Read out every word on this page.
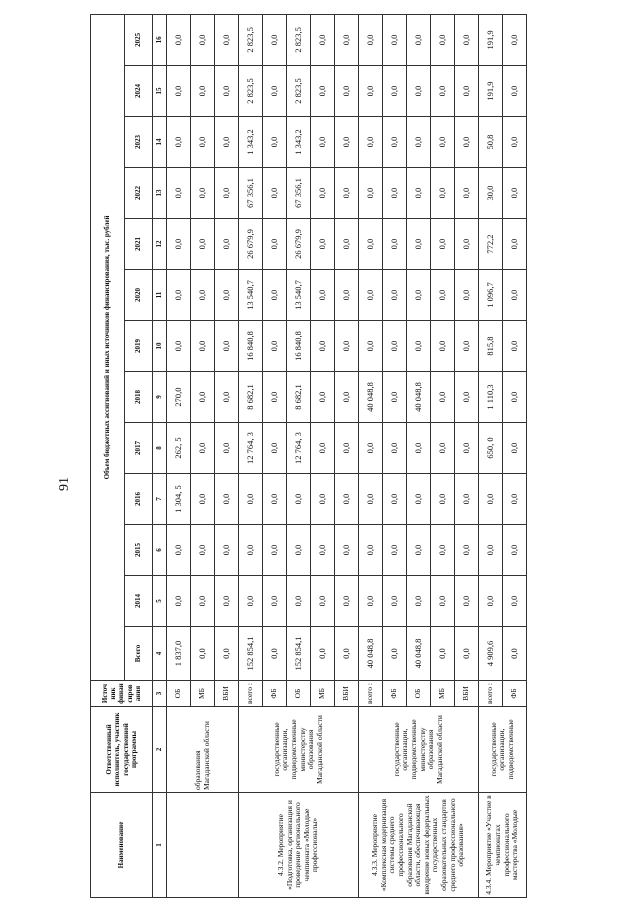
91
Наименование	Ответственный исполнитель, участник государственной программы	Источ ник финан сиров ания	Объем бюджетных ассигнований и иных источников финансирования, тыс. рублей												
			Всего	2014	2015	2016	2017	2018	2019	2020	2021	2022	2023	2024	2025
1	2	3	4	5	6	7	8	9	10	11	12	13	14	15	16
	образования Магаданской области	ОБ	1 837,0	0,0	0,0	1 304, 5	262, 5	270,0	0,0	0,0	0,0	0,0	0,0	0,0	0,0
		МБ	0,0	0,0	0,0	0,0	0,0	0,0	0,0	0,0	0,0	0,0	0,0	0,0	0,0
		ВБИ	0,0	0,0	0,0	0,0	0,0	0,0	0,0	0,0	0,0	0,0	0,0	0,0	0,0
4.3.2. Мероприятие «Подготовка, организация и проведение регионального чемпионата «Молодые профессионалы»	государственные организации, подведомственные министерству образования Магаданской области	всего :	152 854,1	0,0	0,0	0,0	12 764, 3	8 682,1	16 840,8	13 540,7	26 679,9	67 356,1	1 343,2	2 823,5	2 823,5
		ФБ	0,0	0,0	0,0	0,0	0,0	0,0	0,0	0,0	0,0	0,0	0,0	0,0	0,0
		ОБ	152 854,1	0,0	0,0	0,0	12 764, 3	8 682,1	16 840,8	13 540,7	26 679,9	67 356,1	1 343,2	2 823,5	2 823,5
		МБ	0,0	0,0	0,0	0,0	0,0	0,0	0,0	0,0	0,0	0,0	0,0	0,0	0,0
		ВБИ	0,0	0,0	0,0	0,0	0,0	0,0	0,0	0,0	0,0	0,0	0,0	0,0	0,0
4.3.3. Мероприятие «Комплексная модернизация системы среднего профессионального образования Магаданской области, обеспечивающая внедрение новых федеральных государственных образовательных стандартов среднего профессионального образования»	государственные организации, подведомственные министерству образования Магаданской области	всего :	40 048,8	0,0	0,0	0,0	0,0	40 048,8	0,0	0,0	0,0	0,0	0,0	0,0	0,0
		ФБ	0,0	0,0	0,0	0,0	0,0	0,0	0,0	0,0	0,0	0,0	0,0	0,0	0,0
		ОБ	40 048,8	0,0	0,0	0,0	0,0	40 048,8	0,0	0,0	0,0	0,0	0,0	0,0	0,0
		МБ	0,0	0,0	0,0	0,0	0,0	0,0	0,0	0,0	0,0	0,0	0,0	0,0	0,0
		ВБИ	0,0	0,0	0,0	0,0	0,0	0,0	0,0	0,0	0,0	0,0	0,0	0,0	0,0
4.3.4. Мероприятие «Участие в чемпионатах профессионального мастерства «Молодые	государственные организации, подведомственные	всего :	4 909,6	0,0	0,0	0,0	650, 0	1 110,3	815,8	1 096,7	772,2	30,0	50,8	191,9	191,9
		ФБ	0,0	0,0	0,0	0,0	0,0	0,0	0,0	0,0	0,0	0,0	0,0	0,0	0,0
